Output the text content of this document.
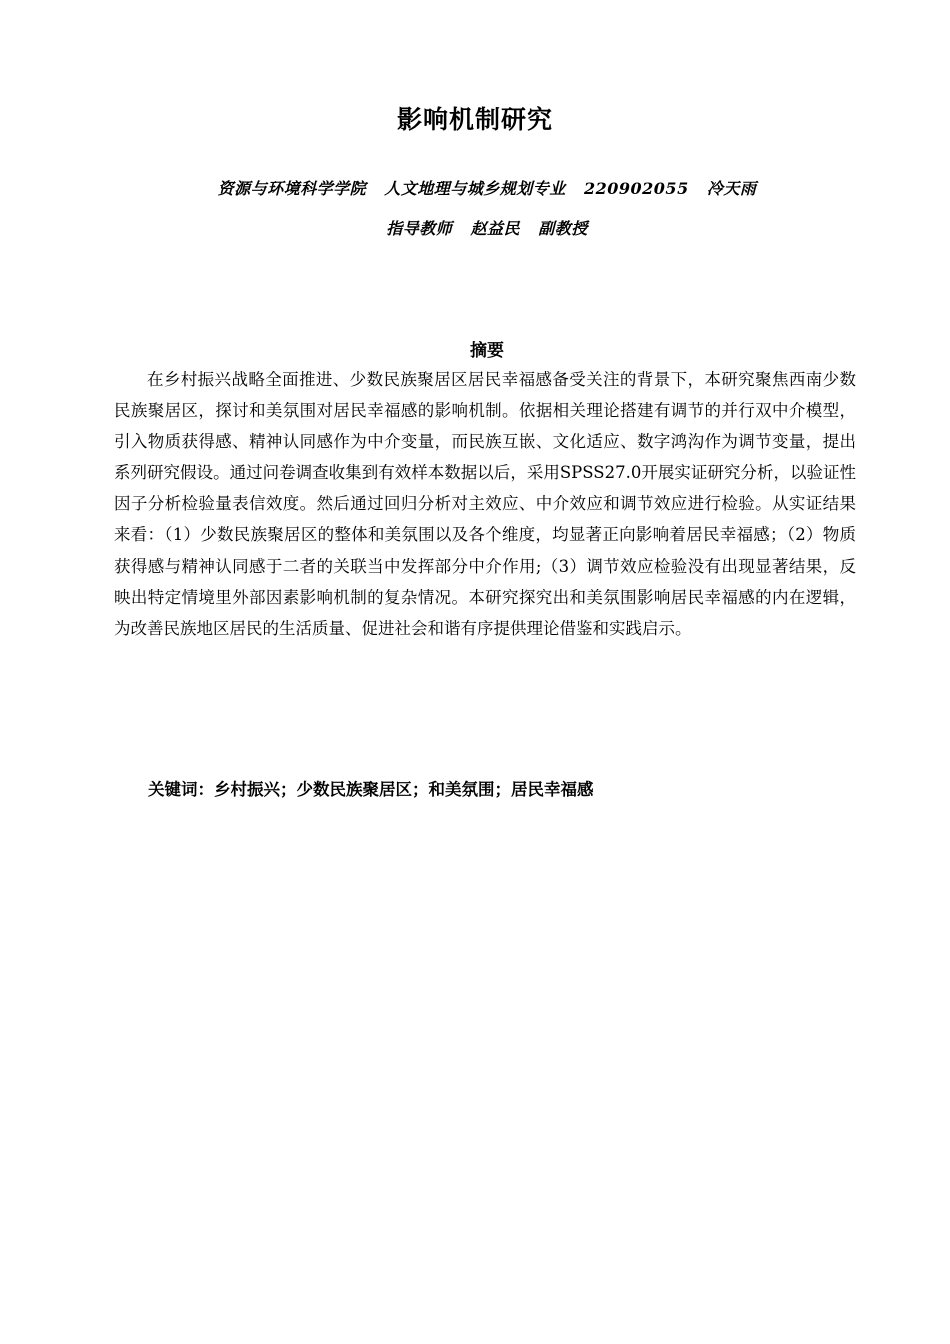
影响机制研究
资源与环境科学学院   人文地理与城乡规划专业   220902055   冷天雨
指导教师   赵益民   副教授
摘要

在乡村振兴战略全面推进、少数民族聚居区居民幸福感备受关注的背景下，本研究聚焦西南少数民族聚居区，探讨和美氛围对居民幸福感的影响机制。依据相关理论搭建有调节的并行双中介模型，引入物质获得感、精神认同感作为中介变量，而民族互嵌、文化适应、数字鸿沟作为调节变量，提出系列研究假设。通过问卷调查收集到有效样本数据以后，采用SPSS27.0开展实证研究分析，以验证性因子分析检验量表信效度。然后通过回归分析对主效应、中介效应和调节效应进行检验。从实证结果来看：（1）少数民族聚居区的整体和美氛围以及各个维度，均显著正向影响着居民幸福感；（2）物质获得感与精神认同感于二者的关联当中发挥部分中介作用;（3）调节效应检验没有出现显著结果，反映出特定情境里外部因素影响机制的复杂情况。本研究探究出和美氛围影响居民幸福感的内在逻辑，为改善民族地区居民的生活质量、促进社会和谐有序提供理论借鉴和实践启示。

关键词：乡村振兴；少数民族聚居区；和美氛围；居民幸福感
